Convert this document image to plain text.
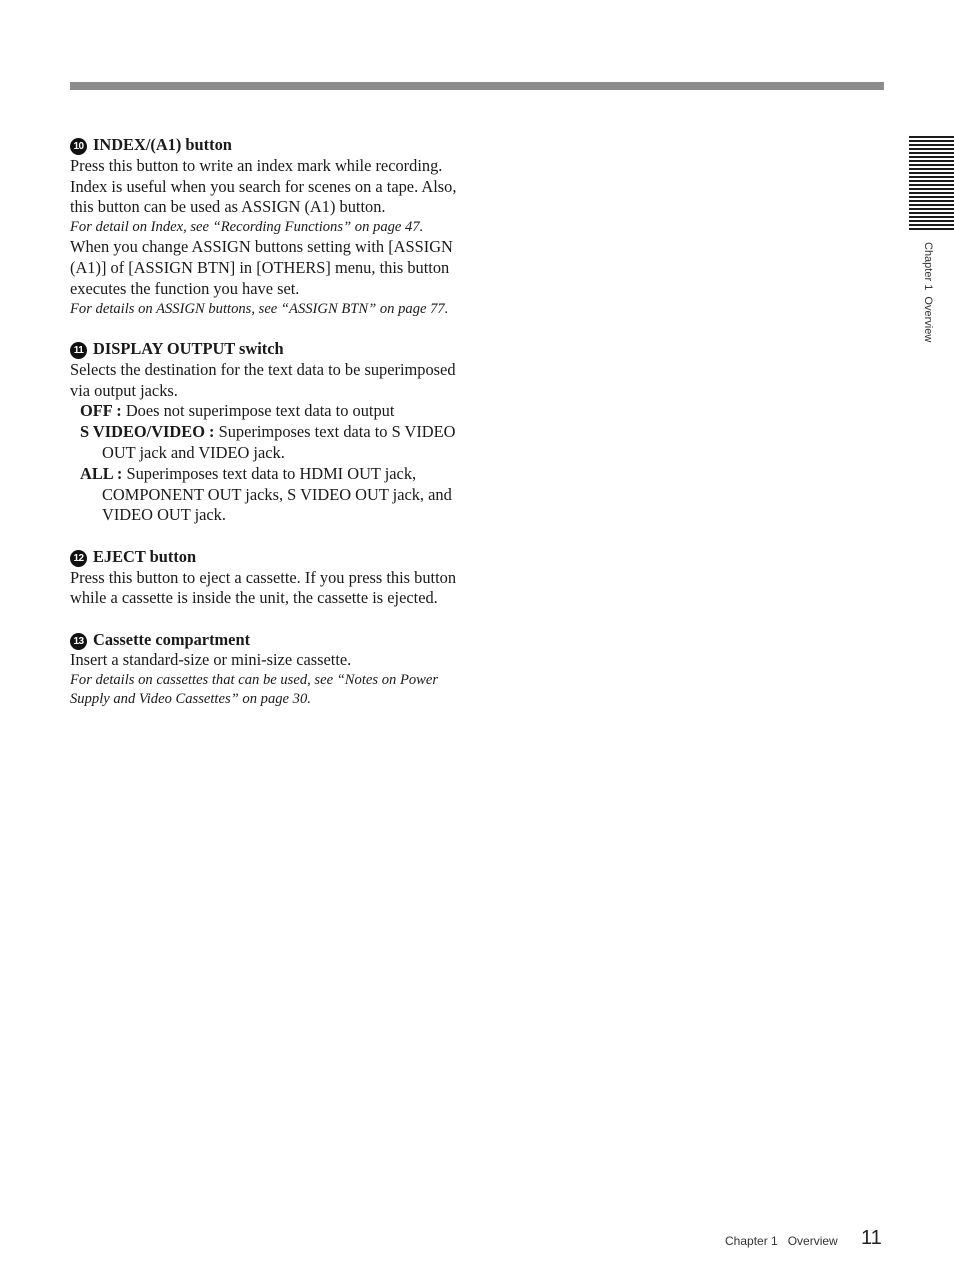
10 INDEX/(A1) button
Press this button to write an index mark while recording. Index is useful when you search for scenes on a tape. Also, this button can be used as ASSIGN (A1) button.
For detail on Index, see “Recording Functions” on page 47.
When you change ASSIGN buttons setting with [ASSIGN (A1)] of [ASSIGN BTN] in [OTHERS] menu, this button executes the function you have set.
For details on ASSIGN buttons, see “ASSIGN BTN” on page 77.
11 DISPLAY OUTPUT switch
Selects the destination for the text data to be superimposed via output jacks.
OFF : Does not superimpose text data to output
S VIDEO/VIDEO : Superimposes text data to S VIDEO OUT jack and VIDEO jack.
ALL : Superimposes text data to HDMI OUT jack, COMPONENT OUT jacks, S VIDEO OUT jack, and VIDEO OUT jack.
12 EJECT button
Press this button to eject a cassette. If you press this button while a cassette is inside the unit, the cassette is ejected.
13 Cassette compartment
Insert a standard-size or mini-size cassette.
For details on cassettes that can be used, see “Notes on Power Supply and Video Cassettes” on page 30.
Chapter 1  Overview
Chapter 1   Overview 11
